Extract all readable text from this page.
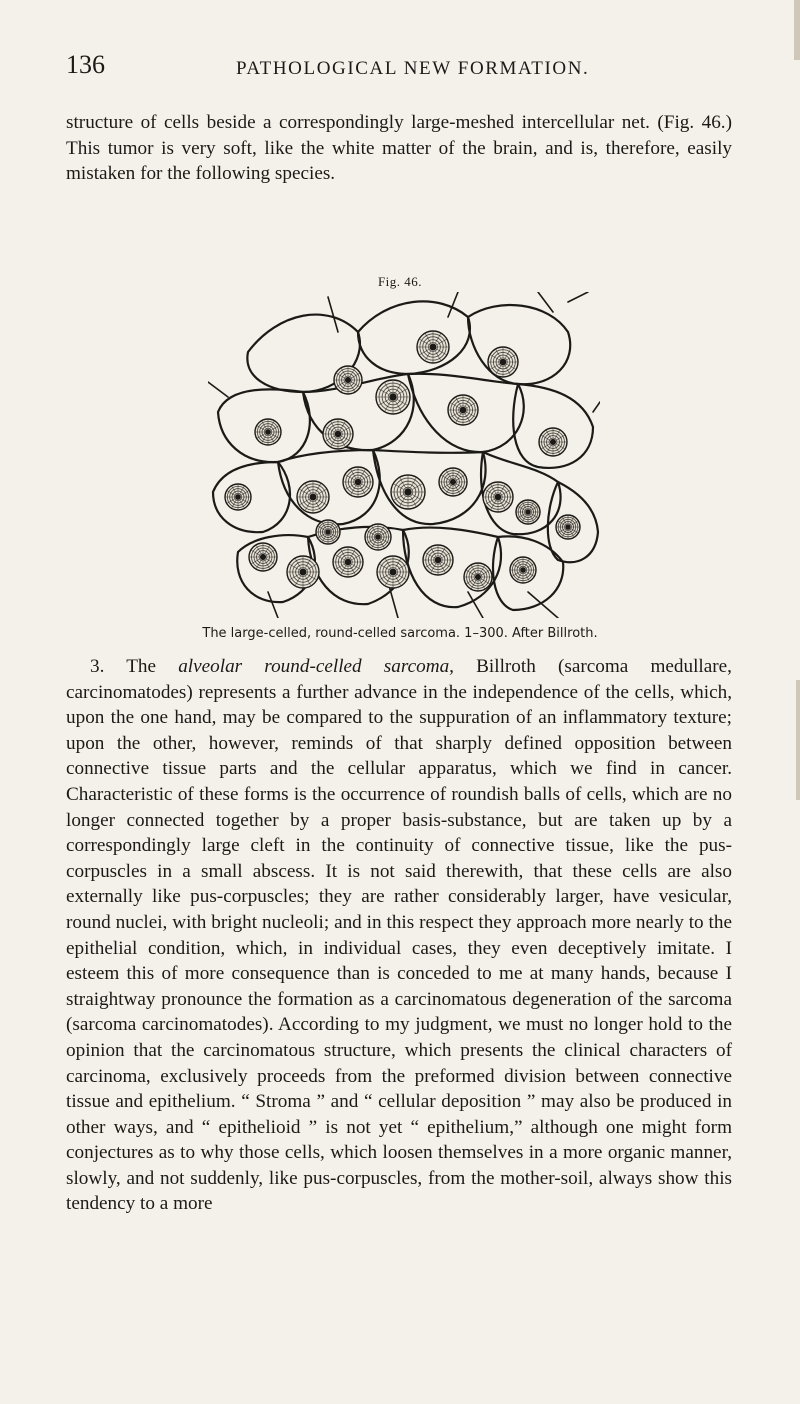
136	PATHOLOGICAL NEW FORMATION.

structure of cells beside a correspondingly large-meshed intercellular net. (Fig. 46.) This tumor is very soft, like the white matter of the brain, and is, therefore, easily mistaken for the following species.

Fig. 46.
The large-celled, round-celled sarcoma. 1–300. After Billroth.

3. The alveolar round-celled sarcoma, Billroth (sarcoma medullare, carcinomatodes) represents a further advance in the independence of the cells, which, upon the one hand, may be compared to the suppuration of an inflammatory texture; upon the other, however, reminds of that sharply defined opposition between connective tissue parts and the cellular apparatus, which we find in cancer. Characteristic of these forms is the occurrence of roundish balls of cells, which are no longer connected together by a proper basis-substance, but are taken up by a correspondingly large cleft in the continuity of connective tissue, like the pus-corpuscles in a small abscess. It is not said therewith, that these cells are also externally like pus-corpuscles; they are rather considerably larger, have vesicular, round nuclei, with bright nucleoli; and in this respect they approach more nearly to the epithelial condition, which, in individual cases, they even deceptively imitate. I esteem this of more consequence than is conceded to me at many hands, because I straightway pronounce the formation as a carcinomatous degeneration of the sarcoma (sarcoma carcinomatodes). According to my judgment, we must no longer hold to the opinion that the carcinomatous structure, which presents the clinical characters of carcinoma, exclusively proceeds from the preformed division between connective tissue and epithelium. “ Stroma ” and “ cellular deposition ” may also be produced in other ways, and “ epithelioid ” is not yet “ epithelium,” although one might form conjectures as to why those cells, which loosen themselves in a more organic manner, slowly, and not suddenly, like pus-corpuscles, from the mother-soil, always show this tendency to a more
